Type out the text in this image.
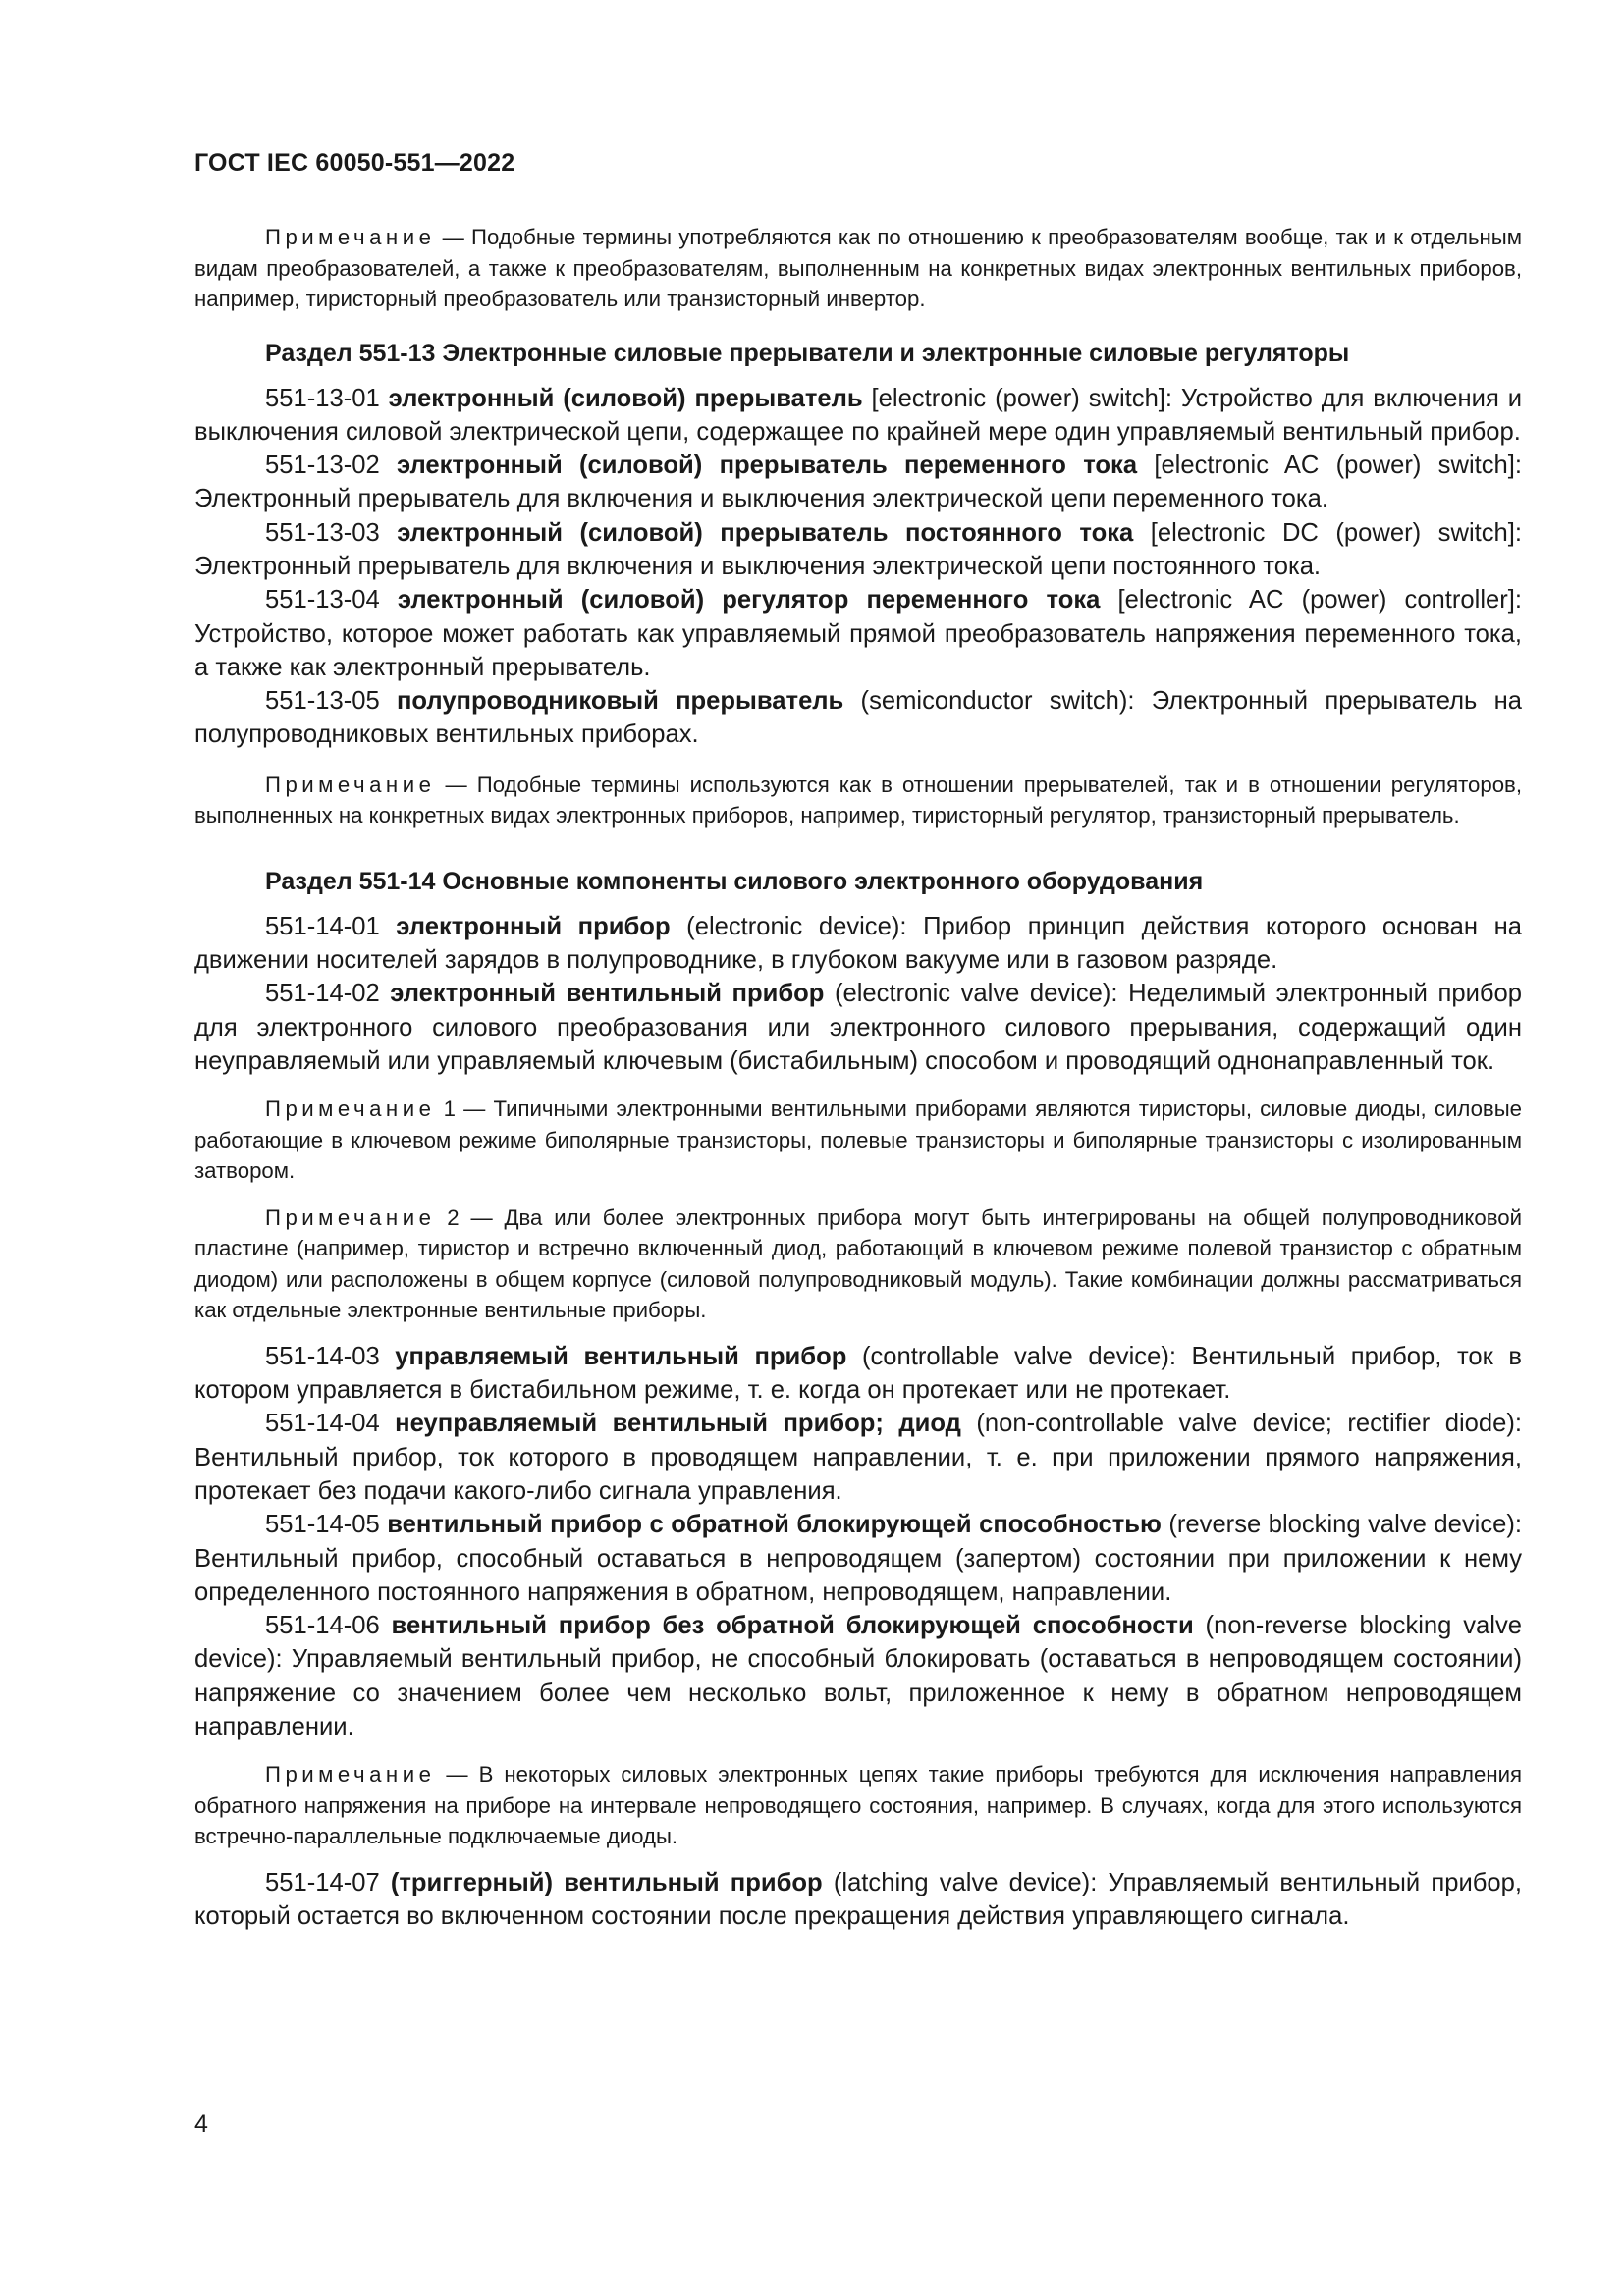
ГОСТ IEC 60050-551—2022

Примечание — Подобные термины употребляются как по отношению к преобразователям вообще, так и к отдельным видам преобразователей, а также к преобразователям, выполненным на конкретных видах электронных вентильных приборов, например, тиристорный преобразователь или транзисторный инвертор.

Раздел 551-13 Электронные силовые прерыватели и электронные силовые регуляторы

551-13-01 электронный (силовой) прерыватель [electronic (power) switch]: Устройство для включения и выключения силовой электрической цепи, содержащее по крайней мере один управляемый вентильный прибор.

551-13-02 электронный (силовой) прерыватель переменного тока [electronic AC (power) switch]: Электронный прерыватель для включения и выключения электрической цепи переменного тока.

551-13-03 электронный (силовой) прерыватель постоянного тока [electronic DC (power) switch]: Электронный прерыватель для включения и выключения электрической цепи постоянного тока.

551-13-04 электронный (силовой) регулятор переменного тока [electronic AC (power) controller]: Устройство, которое может работать как управляемый прямой преобразователь напряжения переменного тока, а также как электронный прерыватель.

551-13-05 полупроводниковый прерыватель (semiconductor switch): Электронный прерыватель на полупроводниковых вентильных приборах.

Примечание — Подобные термины используются как в отношении прерывателей, так и в отношении регуляторов, выполненных на конкретных видах электронных приборов, например, тиристорный регулятор, транзисторный прерыватель.

Раздел 551-14 Основные компоненты силового электронного оборудования

551-14-01 электронный прибор (electronic device): Прибор принцип действия которого основан на движении носителей зарядов в полупроводнике, в глубоком вакууме или в газовом разряде.

551-14-02 электронный вентильный прибор (electronic valve device): Неделимый электронный прибор для электронного силового преобразования или электронного силового прерывания, содержащий один неуправляемый или управляемый ключевым (бистабильным) способом и проводящий однонаправленный ток.

Примечание 1 — Типичными электронными вентильными приборами являются тиристоры, силовые диоды, силовые работающие в ключевом режиме биполярные транзисторы, полевые транзисторы и биполярные транзисторы с изолированным затвором.

Примечание 2 — Два или более электронных прибора могут быть интегрированы на общей полупроводниковой пластине (например, тиристор и встречно включенный диод, работающий в ключевом режиме полевой транзистор с обратным диодом) или расположены в общем корпусе (силовой полупроводниковый модуль). Такие комбинации должны рассматриваться как отдельные электронные вентильные приборы.

551-14-03 управляемый вентильный прибор (controllable valve device): Вентильный прибор, ток в котором управляется в бистабильном режиме, т. е. когда он протекает или не протекает.

551-14-04 неуправляемый вентильный прибор; диод (non-controllable valve device; rectifier diode): Вентильный прибор, ток которого в проводящем направлении, т. е. при приложении прямого напряжения, протекает без подачи какого-либо сигнала управления.

551-14-05 вентильный прибор с обратной блокирующей способностью (reverse blocking valve device): Вентильный прибор, способный оставаться в непроводящем (запертом) состоянии при приложении к нему определенного постоянного напряжения в обратном, непроводящем, направлении.

551-14-06 вентильный прибор без обратной блокирующей способности (non-reverse blocking valve device): Управляемый вентильный прибор, не способный блокировать (оставаться в непроводящем состоянии) напряжение со значением более чем несколько вольт, приложенное к нему в обратном непроводящем направлении.

Примечание — В некоторых силовых электронных цепях такие приборы требуются для исключения направления обратного напряжения на приборе на интервале непроводящего состояния, например. В случаях, когда для этого используются встречно-параллельные подключаемые диоды.

551-14-07 (триггерный) вентильный прибор (latching valve device): Управляемый вентильный прибор, который остается во включенном состоянии после прекращения действия управляющего сигнала.

4
